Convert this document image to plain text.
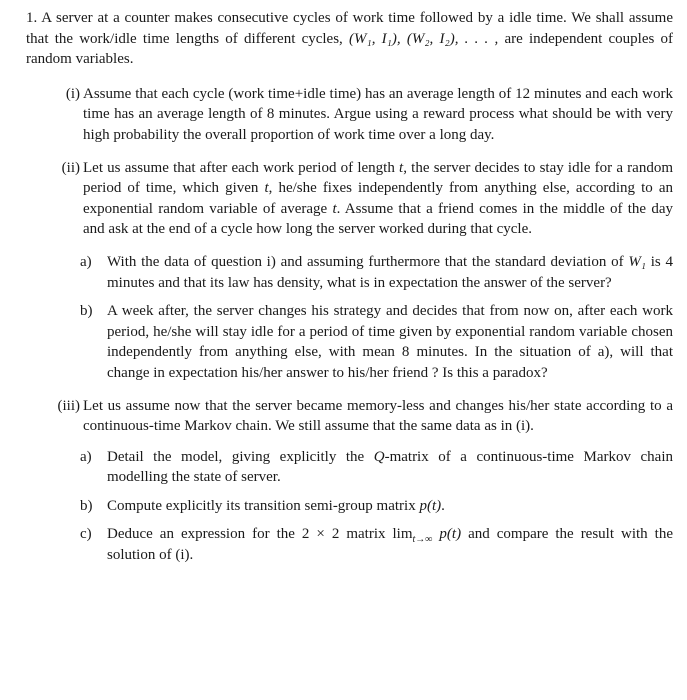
1. A server at a counter makes consecutive cycles of work time followed by a idle time. We shall assume that the work/idle time lengths of different cycles, (W₁, I₁), (W₂, I₂), . . . , are independent couples of random variables.

(i) Assume that each cycle (work time+idle time) has an average length of 12 minutes and each work time has an average length of 8 minutes. Argue using a reward process what should be with very high probability the overall proportion of work time over a long day.

(ii) Let us assume that after each work period of length t, the server decides to stay idle for a random period of time, which given t, he/she fixes independently from anything else, according to an exponential random variable of average t. Assume that a friend comes in the middle of the day and ask at the end of a cycle how long the server worked during that cycle.

a)	With the data of question i) and assuming furthermore that the standard deviation of W₁ is 4 minutes and that its law has density, what is in expectation the answer of the server?

b) A week after, the server changes his strategy and decides that from now on, after each work period, he/she will stay idle for a period of time given by exponential random variable chosen independently from anything else, with mean 8 minutes. In the situation of a), will that change in expectation his/her answer to his/her friend ? Is this a paradox?

(iii) Let us assume now that the server became memory-less and changes his/her state according to a continuous-time Markov chain. We still assume that the same data as in (i).

a)	Detail the model, giving explicitly the Q-matrix of a continuous-time Markov chain modelling the state of server.

b) Compute explicitly its transition semi-group matrix p(t).

c)	Deduce an expression for the 2 × 2 matrix $\lim_{t\to\infty} p(t)$ and compare the result with the solution of (i).
